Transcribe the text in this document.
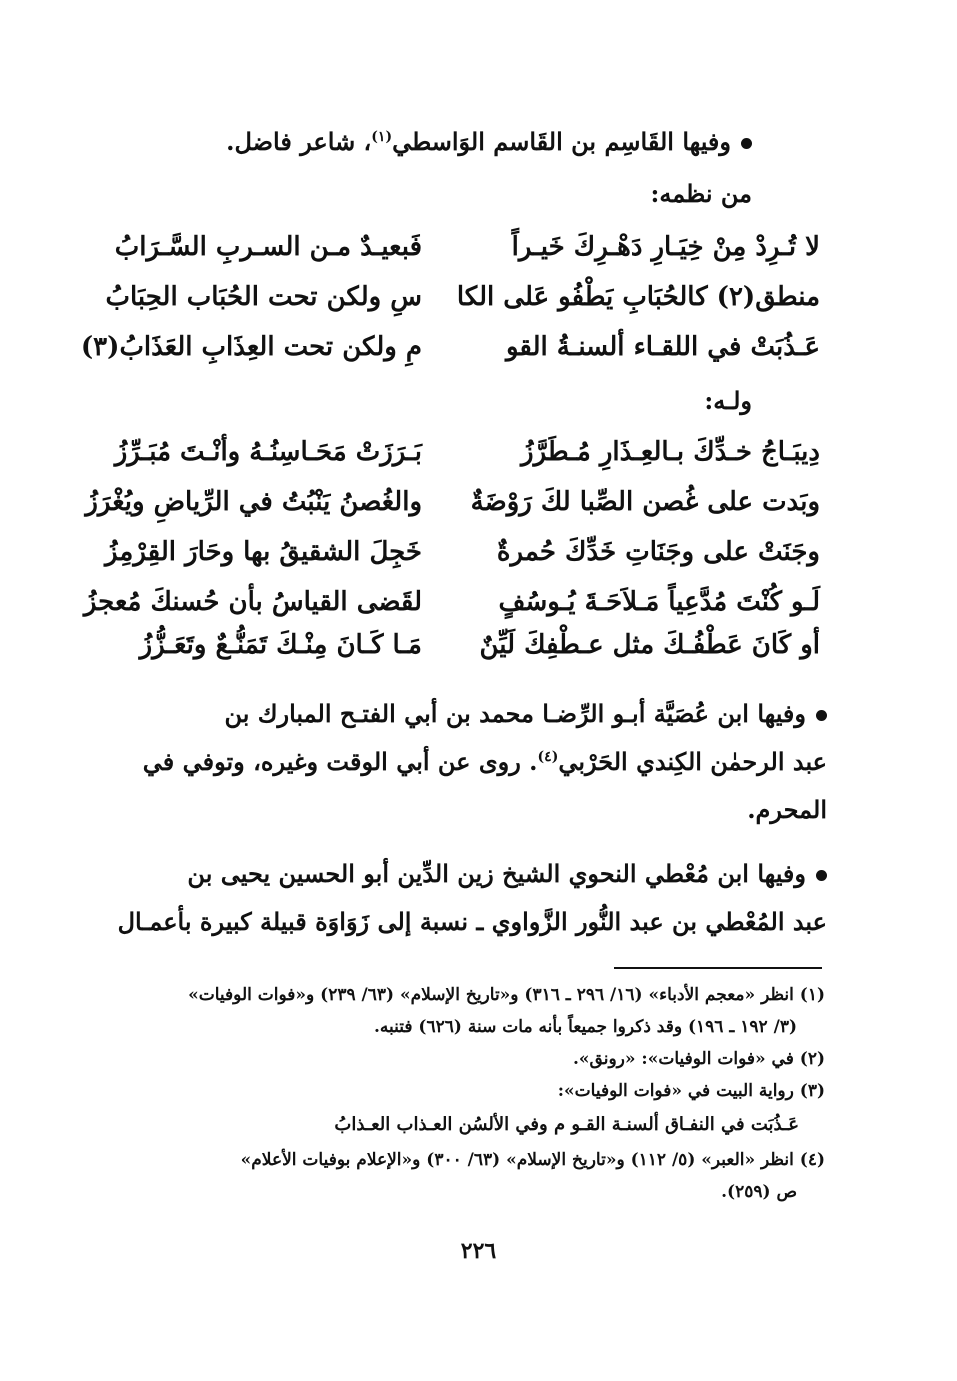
وفيها القَاسِم بن القَاسم الوَاسطي$^{(١)}$، شاعر فاضل.
من نظمه:
لا تُـرِدْ مِنْ خِيَـارِ دَهْـرِكَ خَيـراً
فَبعيـدٌ مـن السـربِ السَّـرَابُ
منطق(٢) كالحُبَابِ يَطْفُو عَلى الكا
سِ ولكن تحت الحُبَاب الحِبَابُ
عَـذُبَتْ في اللقـاء ألسنـةُ القو
مِ ولكن تحت العِذَابِ العَذَابُ(٣)
ولـه:
دِيبَـاجُ خـدِّكَ بـالعِـذَارِ مُـطَرَّزُ
بَـرَزَتْ مَحَـاسِنُـهُ وأنْـتَ مُبَـرِّزُ
وبَدت على غُصن الصِّبا لكَ رَوْضَةٌ
والغُصنُ يَنْبُتُ في الرِّياضِ ويُغْرَزُ
وجَنَتْ على وجَنَاتِ خَدِّكَ حُمرةٌ
خَجِلَ الشقيقُ بها وحَارَ القِرْمِزُ
لَـو كُنْتَ مُدَّعِياً مَـلاَحَـةَ يُـوسُفٍ
لقَضى القياسُ بأن حُسنكَ مُعجزُ
أو كَانَ عَطْفُـكَ مثل عـطْفِكَ لَيِّنٌ
مَـا كَـانَ مِنْـكَ تَمَنُّـعٌ وتَعَـزُّزُ
وفيها ابن عُصَيَّة أبـو الرِّضـا محمد بن أبي الفتـح المبارك بن
عبد الرحمٰن الكِندي الحَرْبي$^{(٤)}$. روى عن أبي الوقت وغيره، وتوفي في
المحرم.
وفيها ابن مُعْطي النحوي الشيخ زين الدِّين أبو الحسين يحيى بن
عبد المُعْطي بن عبد النُّور الزَّواوي ـ نسبة إلى زَوَاوَة قبيلة كبيرة بأعمـال
(١) انظر «معجم الأدباء» (١٦/ ٢٩٦ ـ ٣١٦) و«تاريخ الإسلام» (٦٣/ ٢٣٩) و«فوات الوفيات»
(٣/ ١٩٢ ـ ١٩٦) وقد ذكروا جميعاً بأنه مات سنة (٦٢٦) فتنبه.
(٢) في «فوات الوفيات»: «رونق».
(٣) رواية البيت في «فوات الوفيات»:
عَـذُبَت في النفـاق ألسنـة القـو م وفي الألسُن العـذاب العـذابُ
(٤) انظر «العبر» (٥/ ١١٢) و«تاريخ الإسلام» (٦٣/ ٣٠٠) و«الإعلام بوفيات الأعلام»
ص (٢٥٩).
٢٢٦
